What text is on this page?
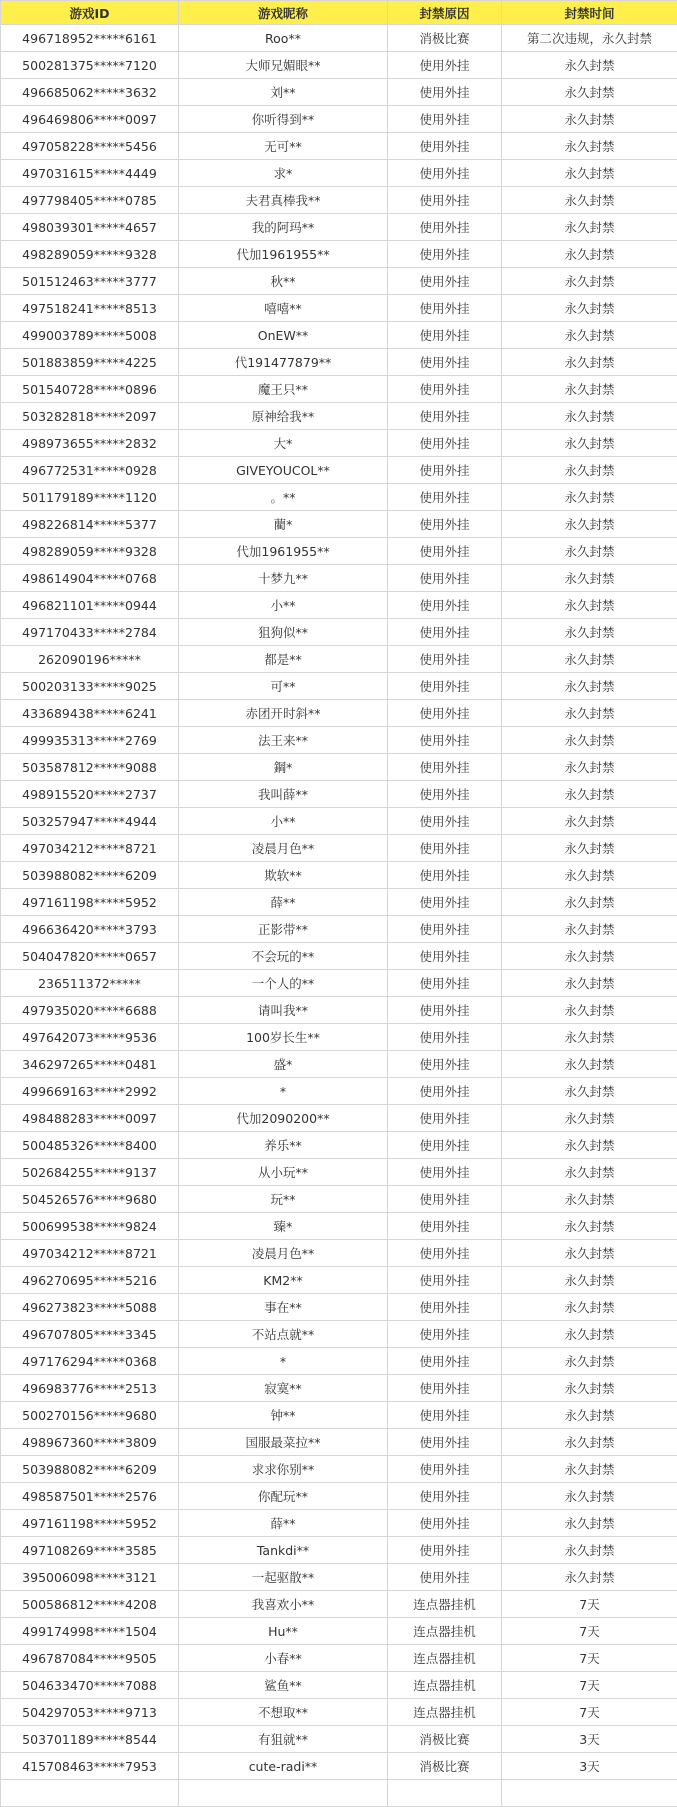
游戏ID	游戏昵称	封禁原因	封禁时间
496718952*****6161	Roo**	消极比赛	第二次违规，永久封禁
500281375*****7120	大师兄媚眼**	使用外挂	永久封禁
496685062*****3632	刘**	使用外挂	永久封禁
496469806*****0097	你听得到**	使用外挂	永久封禁
497058228*****5456	无可**	使用外挂	永久封禁
497031615*****4449	求*	使用外挂	永久封禁
497798405*****0785	夫君真棒我**	使用外挂	永久封禁
498039301*****4657	我的阿玛**	使用外挂	永久封禁
498289059*****9328	代加1961955**	使用外挂	永久封禁
501512463*****3777	秋**	使用外挂	永久封禁
497518241*****8513	嘻嘻**	使用外挂	永久封禁
499003789*****5008	OnEW**	使用外挂	永久封禁
501883859*****4225	代191477879**	使用外挂	永久封禁
501540728*****0896	魔王只**	使用外挂	永久封禁
503282818*****2097	原神给我**	使用外挂	永久封禁
498973655*****2832	大*	使用外挂	永久封禁
496772531*****0928	GIVEYOUCOL**	使用外挂	永久封禁
501179189*****1120	。**	使用外挂	永久封禁
498226814*****5377	藺*	使用外挂	永久封禁
498289059*****9328	代加1961955**	使用外挂	永久封禁
498614904*****0768	十梦九**	使用外挂	永久封禁
496821101*****0944	小**	使用外挂	永久封禁
497170433*****2784	狙狗似**	使用外挂	永久封禁
262090196*****	都是**	使用外挂	永久封禁
500203133*****9025	可**	使用外挂	永久封禁
433689438*****6241	赤团开时斜**	使用外挂	永久封禁
499935313*****2769	法王来**	使用外挂	永久封禁
503587812*****9088	鋼*	使用外挂	永久封禁
498915520*****2737	我叫薛**	使用外挂	永久封禁
503257947*****4944	小**	使用外挂	永久封禁
497034212*****8721	凌晨月色**	使用外挂	永久封禁
503988082*****6209	欺软**	使用外挂	永久封禁
497161198*****5952	薛**	使用外挂	永久封禁
496636420*****3793	正影带**	使用外挂	永久封禁
504047820*****0657	不会玩的**	使用外挂	永久封禁
236511372*****	一个人的**	使用外挂	永久封禁
497935020*****6688	请叫我**	使用外挂	永久封禁
497642073*****9536	100岁长生**	使用外挂	永久封禁
346297265*****0481	盛*	使用外挂	永久封禁
499669163*****2992	*	使用外挂	永久封禁
498488283*****0097	代加2090200**	使用外挂	永久封禁
500485326*****8400	养乐**	使用外挂	永久封禁
502684255*****9137	从小玩**	使用外挂	永久封禁
504526576*****9680	玩**	使用外挂	永久封禁
500699538*****9824	臻*	使用外挂	永久封禁
497034212*****8721	凌晨月色**	使用外挂	永久封禁
496270695*****5216	KM2**	使用外挂	永久封禁
496273823*****5088	事在**	使用外挂	永久封禁
496707805*****3345	不站点就**	使用外挂	永久封禁
497176294*****0368	*	使用外挂	永久封禁
496983776*****2513	寂寞**	使用外挂	永久封禁
500270156*****9680	钟**	使用外挂	永久封禁
498967360*****3809	国服最菜拉**	使用外挂	永久封禁
503988082*****6209	求求你别**	使用外挂	永久封禁
498587501*****2576	你配玩**	使用外挂	永久封禁
497161198*****5952	薛**	使用外挂	永久封禁
497108269*****3585	Tankdi**	使用外挂	永久封禁
395006098*****3121	一起驱散**	使用外挂	永久封禁
500586812*****4208	我喜欢小**	连点器挂机	7天
499174998*****1504	Hu**	连点器挂机	7天
496787084*****9505	小春**	连点器挂机	7天
504633470*****7088	鲨鱼**	连点器挂机	7天
504297053*****9713	不想取**	连点器挂机	7天
503701189*****8544	有狙就**	消极比赛	3天
415708463*****7953	cute-radi**	消极比赛	3天
